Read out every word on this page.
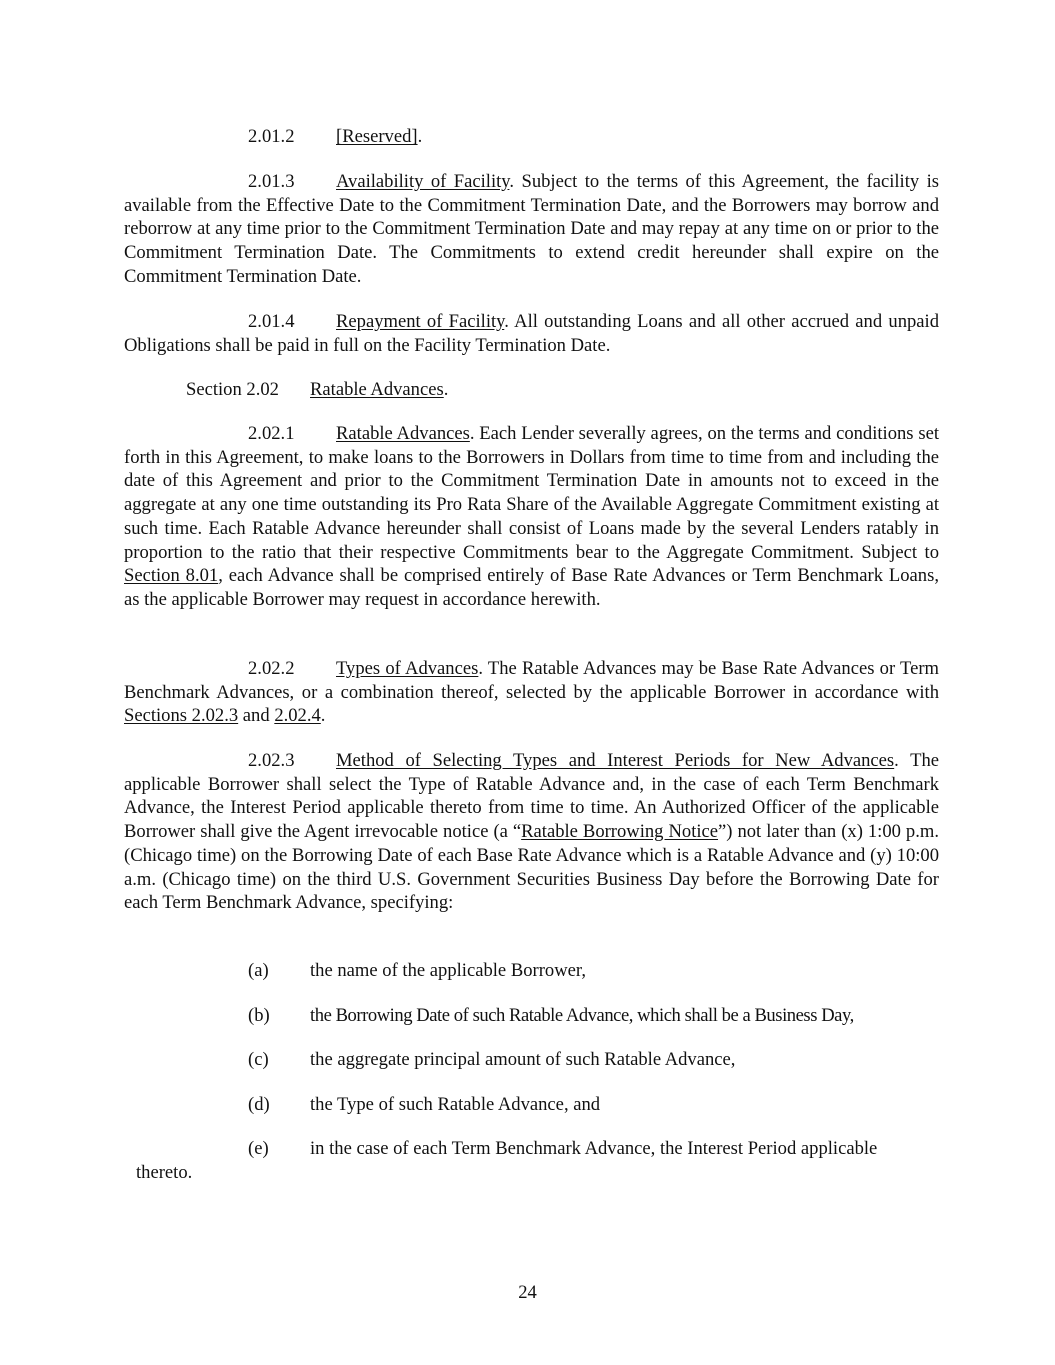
2.01.2 [Reserved].
2.01.3 Availability of Facility. Subject to the terms of this Agreement, the facility is available from the Effective Date to the Commitment Termination Date, and the Borrowers may borrow and reborrow at any time prior to the Commitment Termination Date and may repay at any time on or prior to the Commitment Termination Date. The Commitments to extend credit hereunder shall expire on the Commitment Termination Date.
2.01.4 Repayment of Facility. All outstanding Loans and all other accrued and unpaid Obligations shall be paid in full on the Facility Termination Date.
Section 2.02 Ratable Advances.
2.02.1 Ratable Advances. Each Lender severally agrees, on the terms and conditions set forth in this Agreement, to make loans to the Borrowers in Dollars from time to time from and including the date of this Agreement and prior to the Commitment Termination Date in amounts not to exceed in the aggregate at any one time outstanding its Pro Rata Share of the Available Aggregate Commitment existing at such time. Each Ratable Advance hereunder shall consist of Loans made by the several Lenders ratably in proportion to the ratio that their respective Commitments bear to the Aggregate Commitment. Subject to Section 8.01, each Advance shall be comprised entirely of Base Rate Advances or Term Benchmark Loans, as the applicable Borrower may request in accordance herewith.
2.02.2 Types of Advances. The Ratable Advances may be Base Rate Advances or Term Benchmark Advances, or a combination thereof, selected by the applicable Borrower in accordance with Sections 2.02.3 and 2.02.4.
2.02.3 Method of Selecting Types and Interest Periods for New Advances. The applicable Borrower shall select the Type of Ratable Advance and, in the case of each Term Benchmark Advance, the Interest Period applicable thereto from time to time. An Authorized Officer of the applicable Borrower shall give the Agent irrevocable notice (a “Ratable Borrowing Notice”) not later than (x) 1:00 p.m. (Chicago time) on the Borrowing Date of each Base Rate Advance which is a Ratable Advance and (y) 10:00 a.m. (Chicago time) on the third U.S. Government Securities Business Day before the Borrowing Date for each Term Benchmark Advance, specifying:
(a) the name of the applicable Borrower,
(b) the Borrowing Date of such Ratable Advance, which shall be a Business Day,
(c) the aggregate principal amount of such Ratable Advance,
(d) the Type of such Ratable Advance, and
(e) in the case of each Term Benchmark Advance, the Interest Period applicable
thereto.
24
